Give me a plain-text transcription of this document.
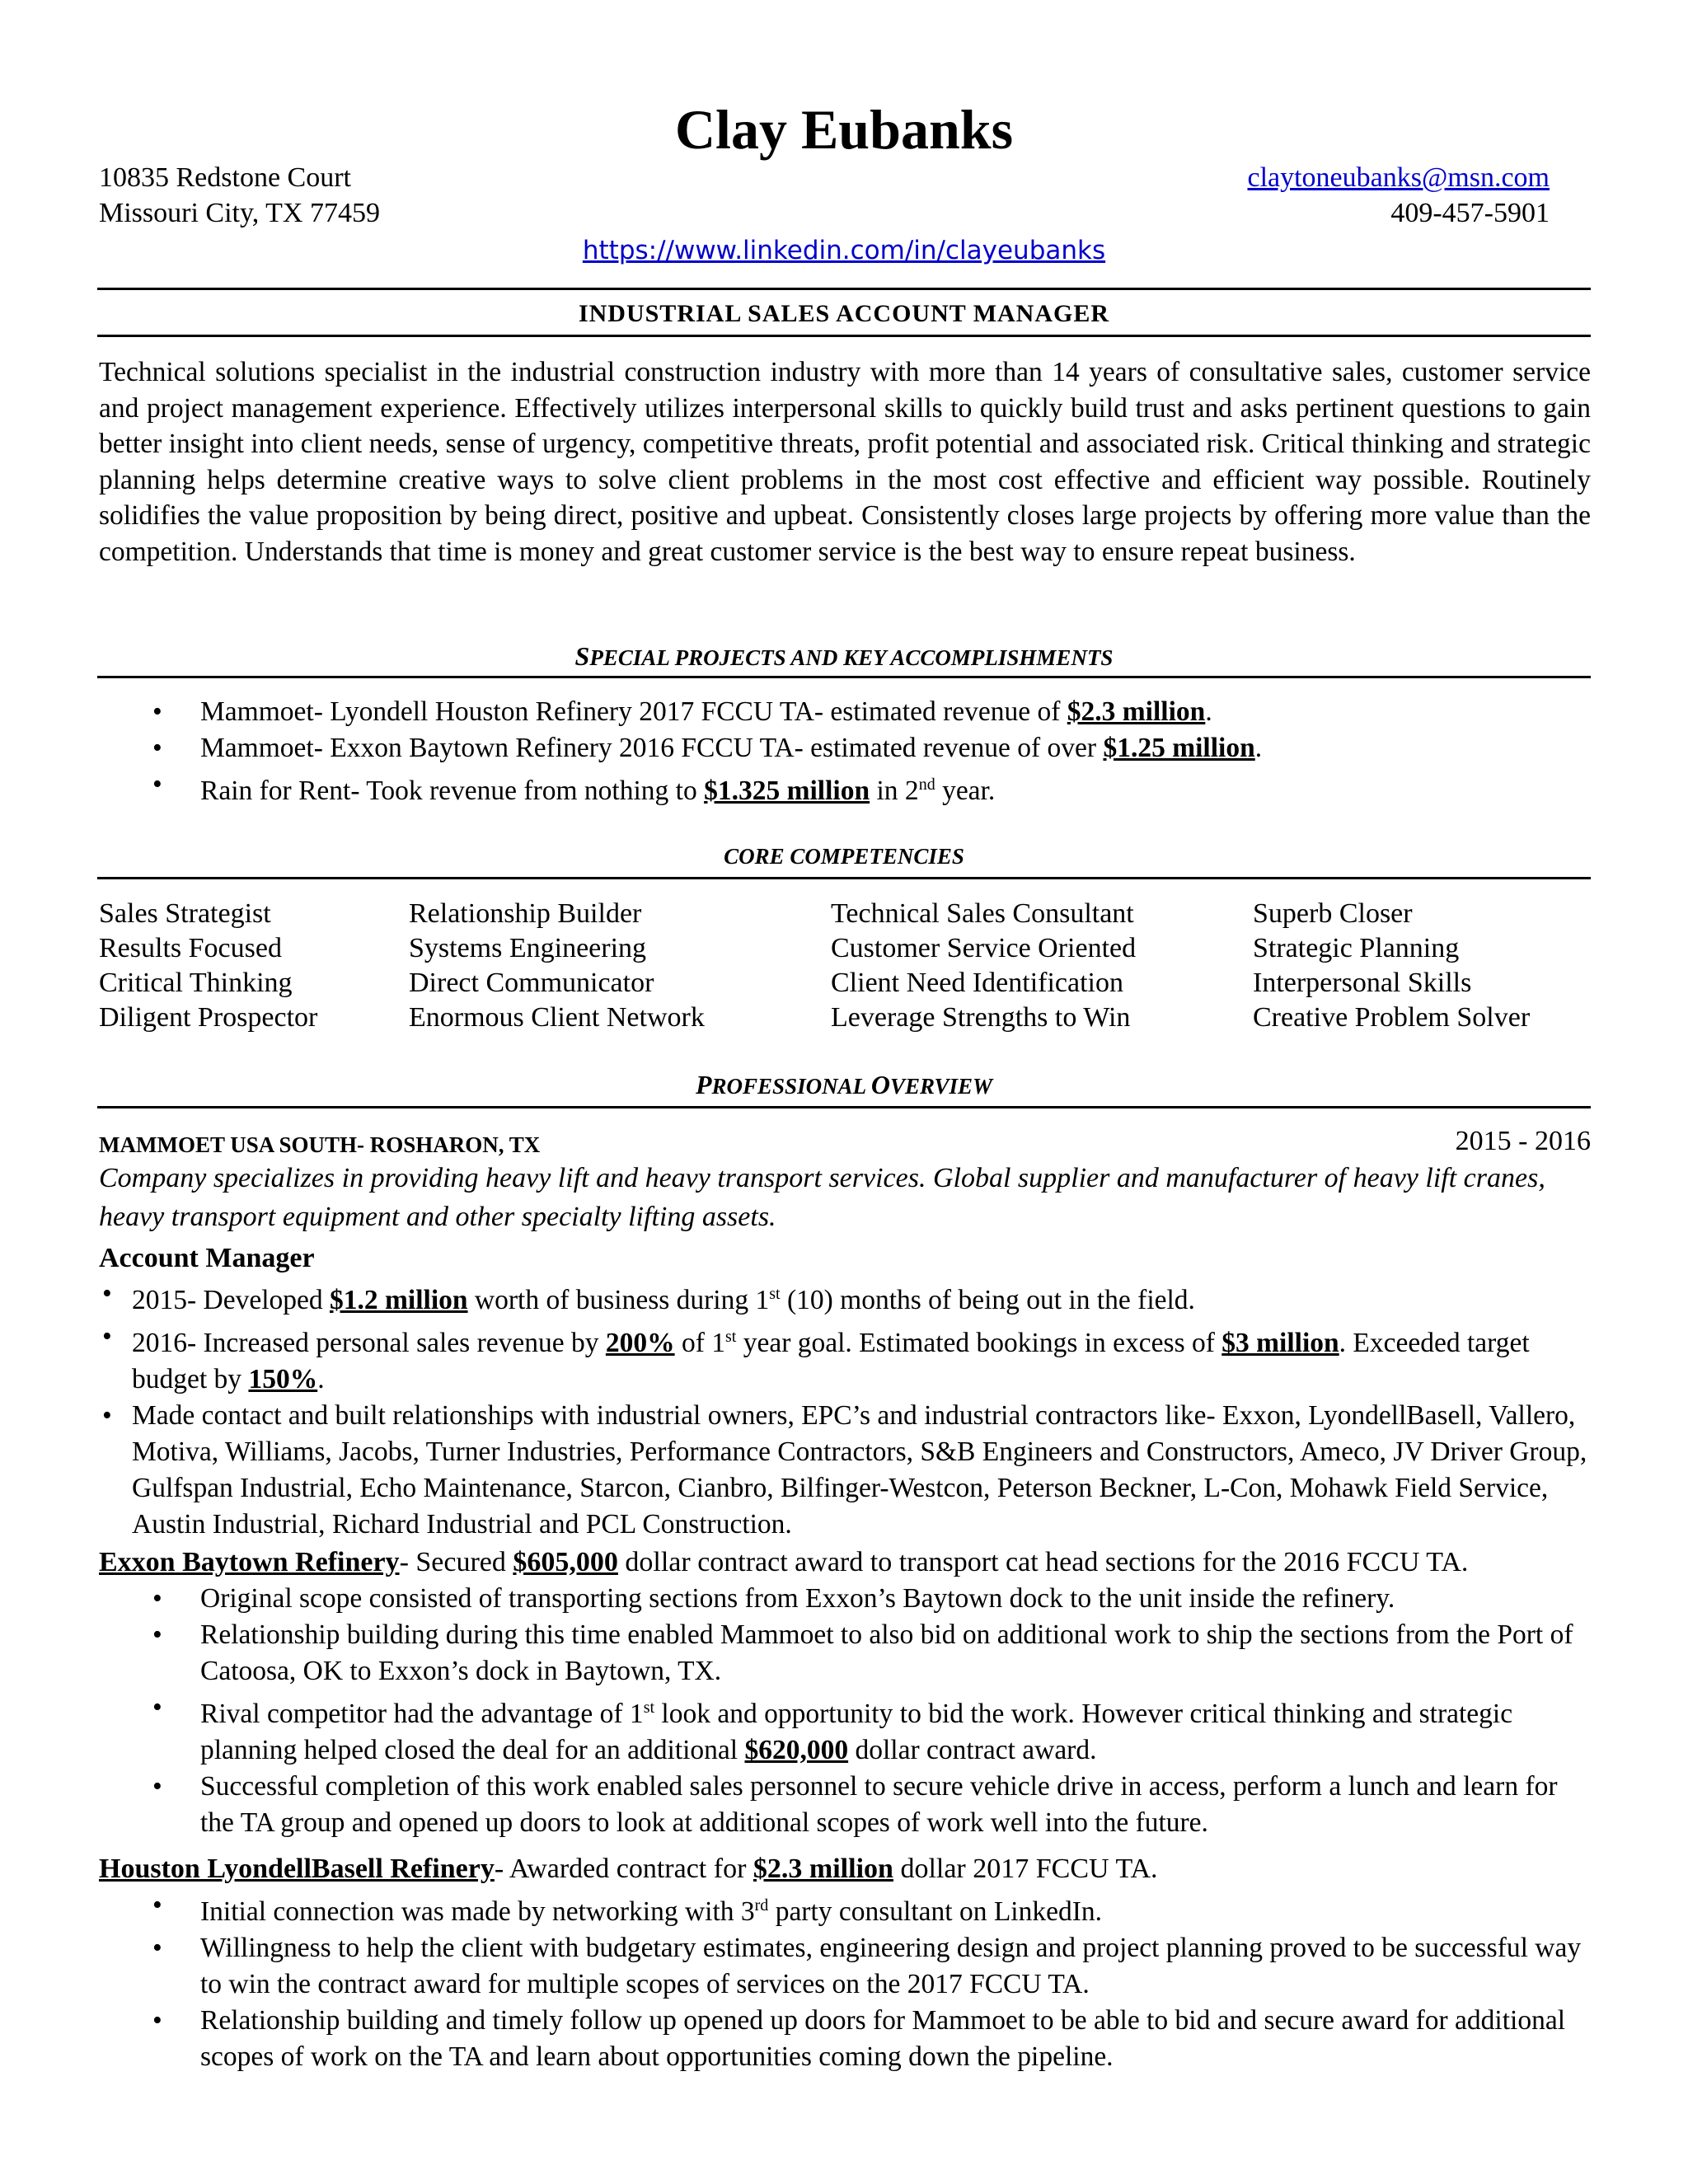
Clay Eubanks
10835 Redstone Court
Missouri City, TX 77459
claytoneubanks@msn.com
409-457-5901
https://www.linkedin.com/in/clayeubanks
INDUSTRIAL SALES ACCOUNT MANAGER

Technical solutions specialist in the industrial construction industry with more than 14 years of consultative sales, customer service and project management experience. Effectively utilizes interpersonal skills to quickly build trust and asks pertinent questions to gain better insight into client needs, sense of urgency, competitive threats, profit potential and associated risk. Critical thinking and strategic planning helps determine creative ways to solve client problems in the most cost effective and efficient way possible. Routinely solidifies the value proposition by being direct, positive and upbeat. Consistently closes large projects by offering more value than the competition. Understands that time is money and great customer service is the best way to ensure repeat business.

SPECIAL PROJECTS AND KEY ACCOMPLISHMENTS
• Mammoet- Lyondell Houston Refinery 2017 FCCU TA- estimated revenue of $2.3 million.
• Mammoet- Exxon Baytown Refinery 2016 FCCU TA- estimated revenue of over $1.25 million.
• Rain for Rent- Took revenue from nothing to $1.325 million in 2nd year.
CORE COMPETENCIES
Sales Strategist
Results Focused
Critical Thinking
Diligent Prospector
Relationship Builder
Systems Engineering
Direct Communicator
Enormous Client Network
Technical Sales Consultant
Customer Service Oriented
Client Need Identification
Leverage Strengths to Win
Superb Closer
Strategic Planning
Interpersonal Skills
Creative Problem Solver
PROFESSIONAL OVERVIEW
MAMMOET USA SOUTH- ROSHARON, TX	2015 - 2016

Company specializes in providing heavy lift and heavy transport services. Global supplier and manufacturer of heavy lift cranes, heavy transport equipment and other specialty lifting assets.

Account Manager
• 2015- Developed $1.2 million worth of business during 1st (10) months of being out in the field.
• 2016- Increased personal sales revenue by 200% of 1st year goal. Estimated bookings in excess of $3 million. Exceeded target budget by 150%.
• Made contact and built relationships with industrial owners, EPC’s and industrial contractors like- Exxon, LyondellBasell, Vallero, Motiva, Williams, Jacobs, Turner Industries, Performance Contractors, S&B Engineers and Constructors, Ameco, JV Driver Group, Gulfspan Industrial, Echo Maintenance, Starcon, Cianbro, Bilfinger-Westcon, Peterson Beckner, L-Con, Mohawk Field Service, Austin Industrial, Richard Industrial and PCL Construction.

Exxon Baytown Refinery- Secured $605,000 dollar contract award to transport cat head sections for the 2016 FCCU TA.

• Original scope consisted of transporting sections from Exxon’s Baytown dock to the unit inside the refinery.
• Relationship building during this time enabled Mammoet to also bid on additional work to ship the sections from the Port of Catoosa, OK to Exxon’s dock in Baytown, TX.
• Rival competitor had the advantage of 1st look and opportunity to bid the work. However critical thinking and strategic planning helped closed the deal for an additional $620,000 dollar contract award.
• Successful completion of this work enabled sales personnel to secure vehicle drive in access, perform a lunch and learn for the TA group and opened up doors to look at additional scopes of work well into the future.

Houston LyondellBasell Refinery- Awarded contract for $2.3 million dollar 2017 FCCU TA.

• Initial connection was made by networking with 3rd party consultant on LinkedIn.
• Willingness to help the client with budgetary estimates, engineering design and project planning proved to be successful way to win the contract award for multiple scopes of services on the 2017 FCCU TA.
• Relationship building and timely follow up opened up doors for Mammoet to be able to bid and secure award for additional scopes of work on the TA and learn about opportunities coming down the pipeline.
